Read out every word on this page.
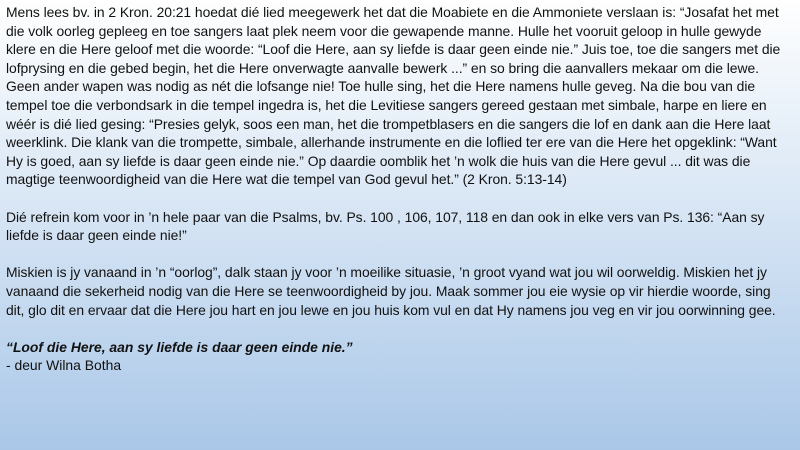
Mens lees bv. in 2 Kron. 20:21 hoedat dié lied meegewerk het dat die Moabiete en die Ammoniete verslaan is: “Josafat het met die volk oorleg gepleeg en toe sangers laat plek neem voor die gewapende manne. Hulle het vooruit geloop in hulle gewyde klere en die Here geloof met die woorde: “Loof die Here, aan sy liefde is daar geen einde nie.” Juis toe, toe die sangers met die lofprysing en die gebed begin, het die Here onverwagte aanvalle bewerk ...” en so bring die aanvallers mekaar om die lewe. Geen ander wapen was nodig as nét die lofsange nie! Toe hulle sing, het die Here namens hulle geveg. Na die bou van die tempel toe die verbondsark in die tempel ingedra is, het die Levitiese sangers gereed gestaan met simbale, harpe en liere en wéér is dié lied gesing: “Presies gelyk, soos een man, het die trompetblasers en die sangers die lof en dank aan die Here laat weerklink. Die klank van die trompette, simbale, allerhande instrumente en die loflied ter ere van die Here het opgeklink: “Want Hy is goed, aan sy liefde is daar geen einde nie.” Op daardie oomblik het ’n wolk die huis van die Here gevul ... dit was die magtige teenwoordigheid van die Here wat die tempel van God gevul het.” (2 Kron. 5:13-14)

Dié refrein kom voor in ’n hele paar van die Psalms, bv. Ps. 100 , 106, 107, 118 en dan ook in elke vers van Ps. 136: “Aan sy liefde is daar geen einde nie!”

Miskien is jy vanaand in ’n “oorlog”, dalk staan jy voor ’n moeilike situasie, ’n groot vyand wat jou wil oorweldig. Miskien het jy vanaand die sekerheid nodig van die Here se teenwoordigheid by jou. Maak sommer jou eie wysie op vir hierdie woorde, sing dit, glo dit en ervaar dat die Here jou hart en jou lewe en jou huis kom vul en dat Hy namens jou veg en vir jou oorwinning gee.

“Loof die Here, aan sy liefde is daar geen einde nie.”

- deur Wilna Botha
